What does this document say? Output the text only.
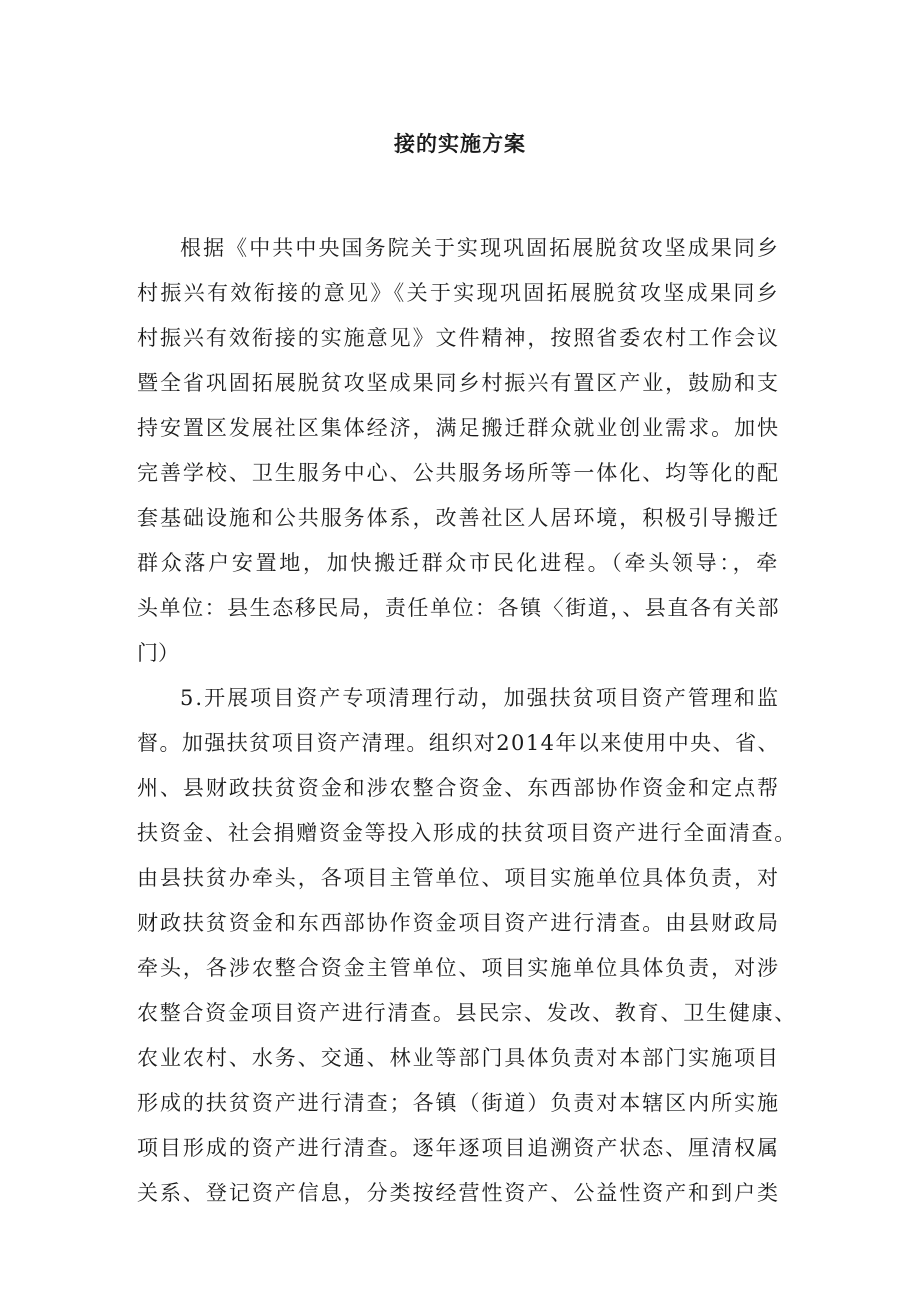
接的实施方案
根据《中共中央国务院关于实现巩固拓展脱贫攻坚成果同乡
村振兴有效衔接的意见》《关于实现巩固拓展脱贫攻坚成果同乡
村振兴有效衔接的实施意见》文件精神，按照省委农村工作会议
暨全省巩固拓展脱贫攻坚成果同乡村振兴有置区产业，鼓励和支
持安置区发展社区集体经济，满足搬迁群众就业创业需求。加快
完善学校、卫生服务中心、公共服务场所等一体化、均等化的配
套基础设施和公共服务体系，改善社区人居环境，积极引导搬迁
群众落户安置地，加快搬迁群众市民化进程。（牵头领导：，牵
头单位：县生态移民局，责任单位：各镇〈街道，、县直各有关部
门）
5.开展项目资产专项清理行动，加强扶贫项目资产管理和监
督。加强扶贫项目资产清理。组织对2014年以来使用中央、省、
州、县财政扶贫资金和涉农整合资金、东西部协作资金和定点帮
扶资金、社会捐赠资金等投入形成的扶贫项目资产进行全面清查。
由县扶贫办牵头，各项目主管单位、项目实施单位具体负责，对
财政扶贫资金和东西部协作资金项目资产进行清查。由县财政局
牵头，各涉农整合资金主管单位、项目实施单位具体负责，对涉
农整合资金项目资产进行清查。县民宗、发改、教育、卫生健康、
农业农村、水务、交通、林业等部门具体负责对本部门实施项目
形成的扶贫资产进行清查；各镇（街道）负责对本辖区内所实施
项目形成的资产进行清查。逐年逐项目追溯资产状态、厘清权属
关系、登记资产信息，分类按经营性资产、公益性资产和到户类
